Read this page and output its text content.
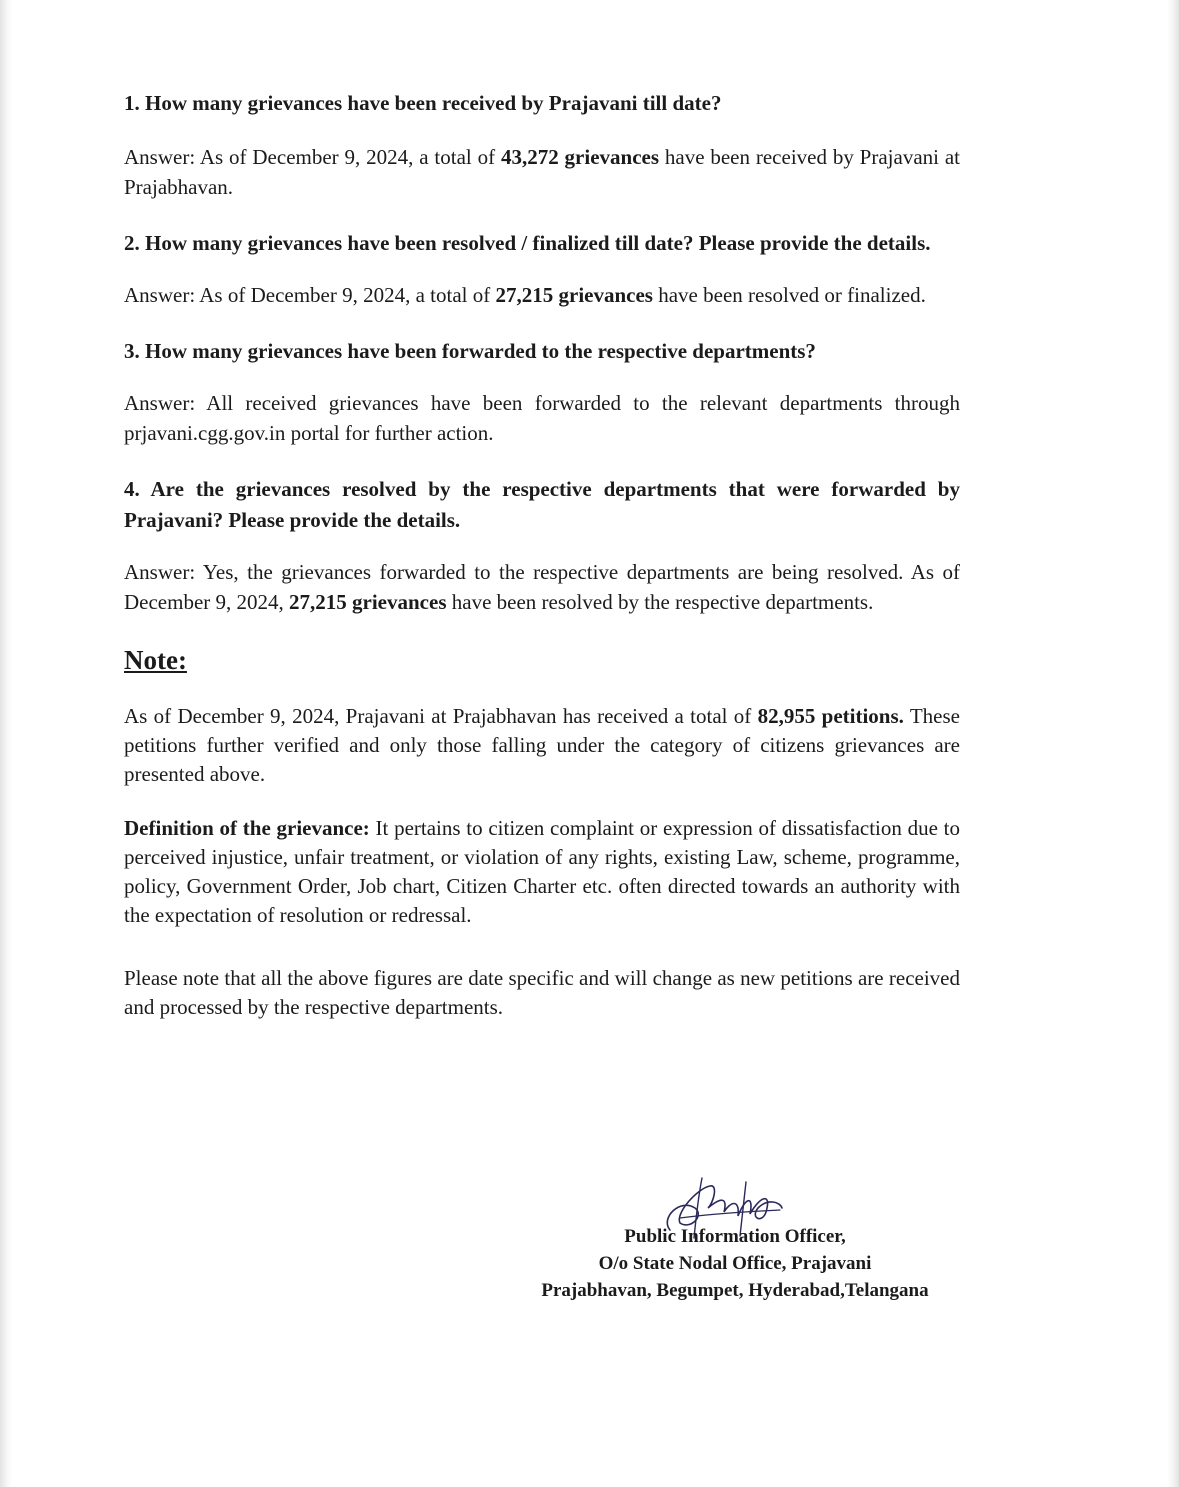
1. How many grievances have been received by Prajavani till date?
Answer: As of December 9, 2024, a total of 43,272 grievances have been received by Prajavani at Prajabhavan.
2. How many grievances have been resolved / finalized till date? Please provide the details.
Answer: As of December 9, 2024, a total of 27,215 grievances have been resolved or finalized.
3. How many grievances have been forwarded to the respective departments?
Answer: All received grievances have been forwarded to the relevant departments through prjavani.cgg.gov.in portal for further action.
4. Are the grievances resolved by the respective departments that were forwarded by Prajavani? Please provide the details.
Answer: Yes, the grievances forwarded to the respective departments are being resolved. As of December 9, 2024, 27,215 grievances have been resolved by the respective departments.
Note:
As of December 9, 2024, Prajavani at Prajabhavan has received a total of 82,955 petitions. These petitions further verified and only those falling under the category of citizens grievances are presented above.
Definition of the grievance: It pertains to citizen complaint or expression of dissatisfaction due to perceived injustice, unfair treatment, or violation of any rights, existing Law, scheme, programme, policy, Government Order, Job chart, Citizen Charter etc. often directed towards an authority with the expectation of resolution or redressal.
Please note that all the above figures are date specific and will change as new petitions are received and processed by the respective departments.
Public Information Officer,
O/o State Nodal Office, Prajavani
Prajabhavan, Begumpet, Hyderabad,Telangana
